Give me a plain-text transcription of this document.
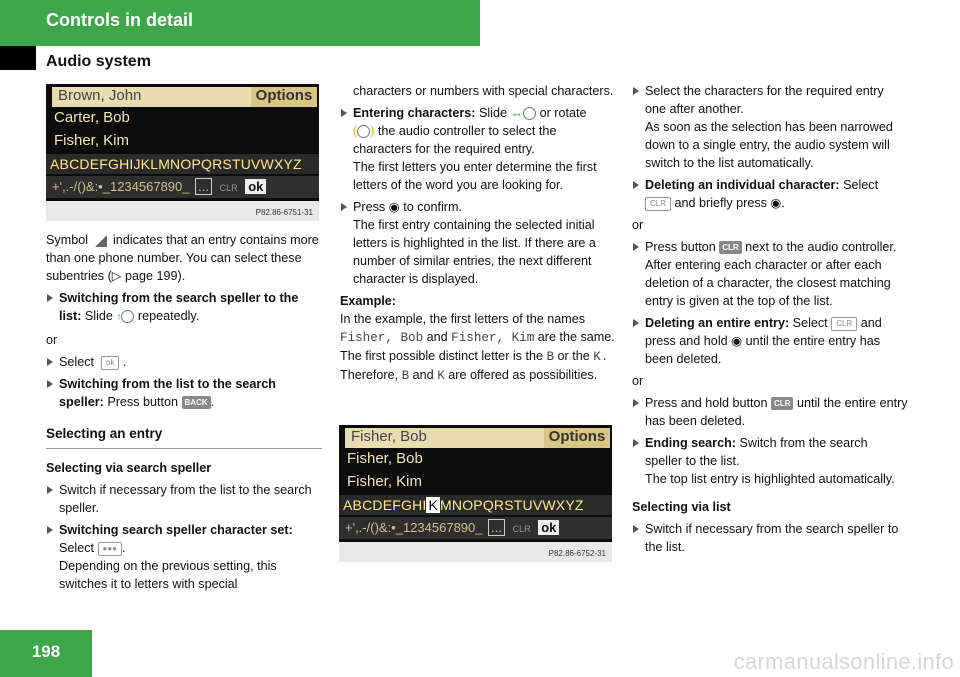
Controls in detail
Audio system
Brown, John	Options
Carter, Bob
Fisher, Kim
ABCDEFGHIJKLMNOPQRSTUVWXYZ
+',.-/()&:•_1234567890_ ... CLR ok
P82.86-6751-31

Symbol indicates that an entry contains more than one phone number. You can select these subentries (▷ page 199).

Switching from the search speller to the list: Slide ↑ repeatedly.

or

Select ok .
Switching from the list to the search speller: Press button BACK .
Selecting an entry
Selecting via search speller
Switch if necessary from the list to the search speller.
Switching search speller character set: Select ●●● .
Depending on the previous setting, this switches it to letters with special

characters or numbers with special characters.

Entering characters: Slide ↔ or rotate
( ) the audio controller to select the characters for the required entry.
The first letters you enter determine the first letters of the word you are looking for.
Press ◉ to confirm.
The first entry containing the selected initial letters is highlighted in the list. If there are a number of similar entries, the next different character is displayed.

Example:

In the example, the first letters of the names Fisher, Bob and Fisher, Kim are the same. The first possible distinct letter is the B or the K.
Therefore, B and K are offered as possibilities.

Fisher, Bob	Options
Fisher, Bob
Fisher, Kim
ABCDEFGHI K MNOPQRSTUVWXYZ
+',.-/()&:•_1234567890_ ... CLR ok
P82.86-6752-31
Select the characters for the required entry one after another.
As soon as the selection has been narrowed down to a single entry, the audio system will switch to the list automatically.
Deleting an individual character: Select
CLR and briefly press ◉.

or

Press button CLR next to the audio controller.
After entering each character or after each deletion of a character, the closest matching entry is given at the top of the list.
Deleting an entire entry: Select CLR and press and hold ◉ until the entire entry has been deleted.

or

Press and hold button CLR until the entire entry has been deleted.
Ending search: Switch from the search speller to the list.
The top list entry is highlighted automatically.
Selecting via list
Switch if necessary from the search speller to the list.
198	carmanualsonline.info
